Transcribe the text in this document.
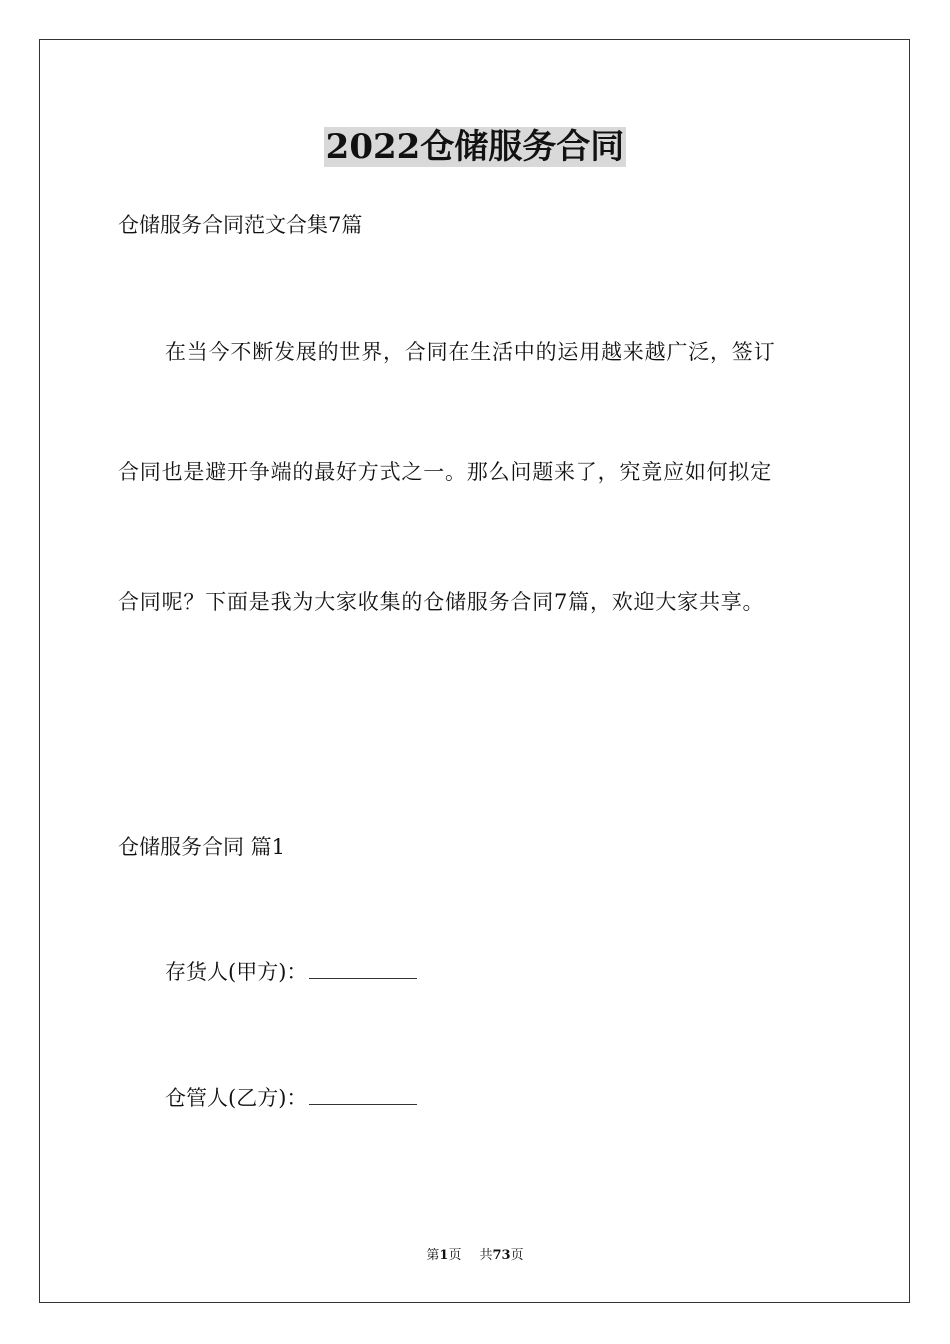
2022仓储服务合同
仓储服务合同范文合集7篇
在当今不断发展的世界，合同在生活中的运用越来越广泛，签订
合同也是避开争端的最好方式之一。那么问题来了，究竟应如何拟定
合同呢？下面是我为大家收集的仓储服务合同7篇，欢迎大家共享。
仓储服务合同 篇1
存货人(甲方)：
仓管人(乙方)：
第1页 共73页
